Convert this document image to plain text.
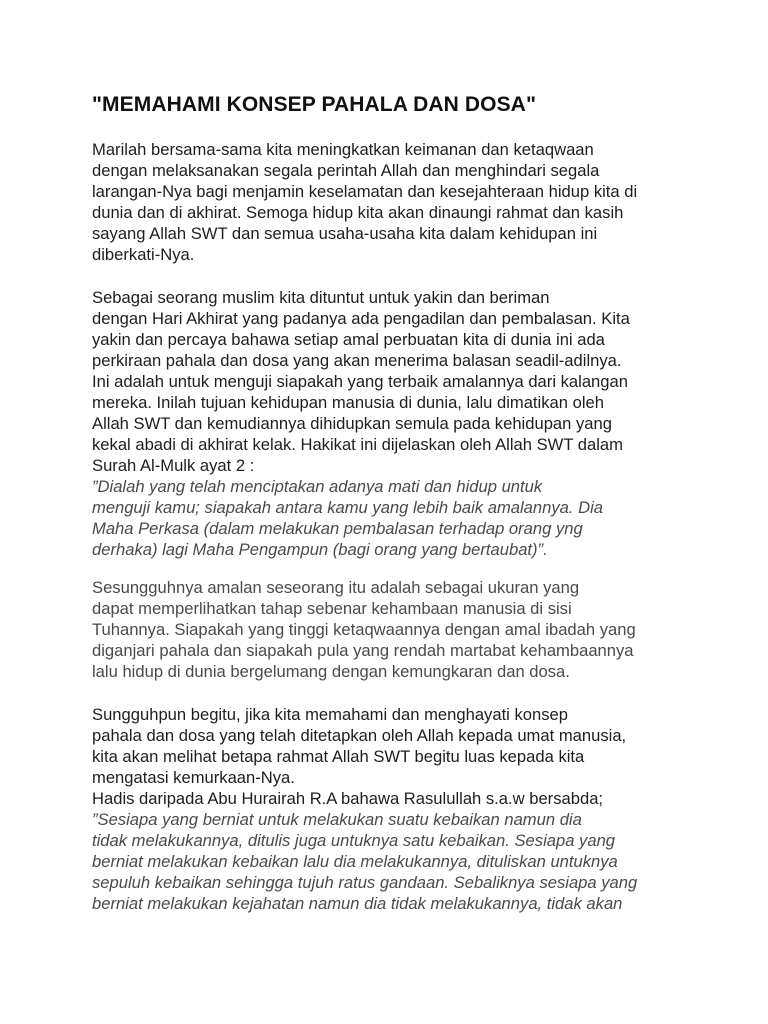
"MEMAHAMI KONSEP PAHALA DAN DOSA"
Marilah bersama-sama kita meningkatkan keimanan dan ketaqwaan
dengan melaksanakan segala perintah Allah dan menghindari segala
larangan-Nya bagi menjamin keselamatan dan kesejahteraan hidup kita di
dunia dan di akhirat. Semoga hidup kita akan dinaungi rahmat dan kasih
sayang Allah SWT dan semua usaha-usaha kita dalam kehidupan ini
diberkati-Nya.
Sebagai seorang muslim kita dituntut untuk yakin dan beriman
dengan Hari Akhirat yang padanya ada pengadilan dan pembalasan. Kita
yakin dan percaya bahawa setiap amal perbuatan kita di dunia ini ada
perkiraan pahala dan dosa yang akan menerima balasan seadil-adilnya.
Ini adalah untuk menguji siapakah yang terbaik amalannya dari kalangan
mereka. Inilah tujuan kehidupan manusia di dunia, lalu dimatikan oleh
Allah SWT dan kemudiannya dihidupkan semula pada kehidupan yang
kekal abadi di akhirat kelak. Hakikat ini dijelaskan oleh Allah SWT dalam
Surah Al-Mulk ayat 2 :
”Dialah yang telah menciptakan adanya mati dan hidup untuk
menguji kamu; siapakah antara kamu yang lebih baik amalannya. Dia
Maha Perkasa (dalam melakukan pembalasan terhadap orang yng
derhaka) lagi Maha Pengampun (bagi orang yang bertaubat)”.
Sesungguhnya amalan seseorang itu adalah sebagai ukuran yang
dapat memperlihatkan tahap sebenar kehambaan manusia di sisi
Tuhannya. Siapakah yang tinggi ketaqwaannya dengan amal ibadah yang
diganjari pahala dan siapakah pula yang rendah martabat kehambaannya
lalu hidup di dunia bergelumang dengan kemungkaran dan dosa.
Sungguhpun begitu, jika kita memahami dan menghayati konsep
pahala dan dosa yang telah ditetapkan oleh Allah kepada umat manusia,
kita akan melihat betapa rahmat Allah SWT begitu luas kepada kita
mengatasi kemurkaan-Nya.
Hadis daripada Abu Hurairah R.A bahawa Rasulullah s.a.w bersabda;
”Sesiapa yang berniat untuk melakukan suatu kebaikan namun dia
tidak melakukannya, ditulis juga untuknya satu kebaikan. Sesiapa yang
berniat melakukan kebaikan lalu dia melakukannya, dituliskan untuknya
sepuluh kebaikan sehingga tujuh ratus gandaan. Sebaliknya sesiapa yang
berniat melakukan kejahatan namun dia tidak melakukannya, tidak akan
